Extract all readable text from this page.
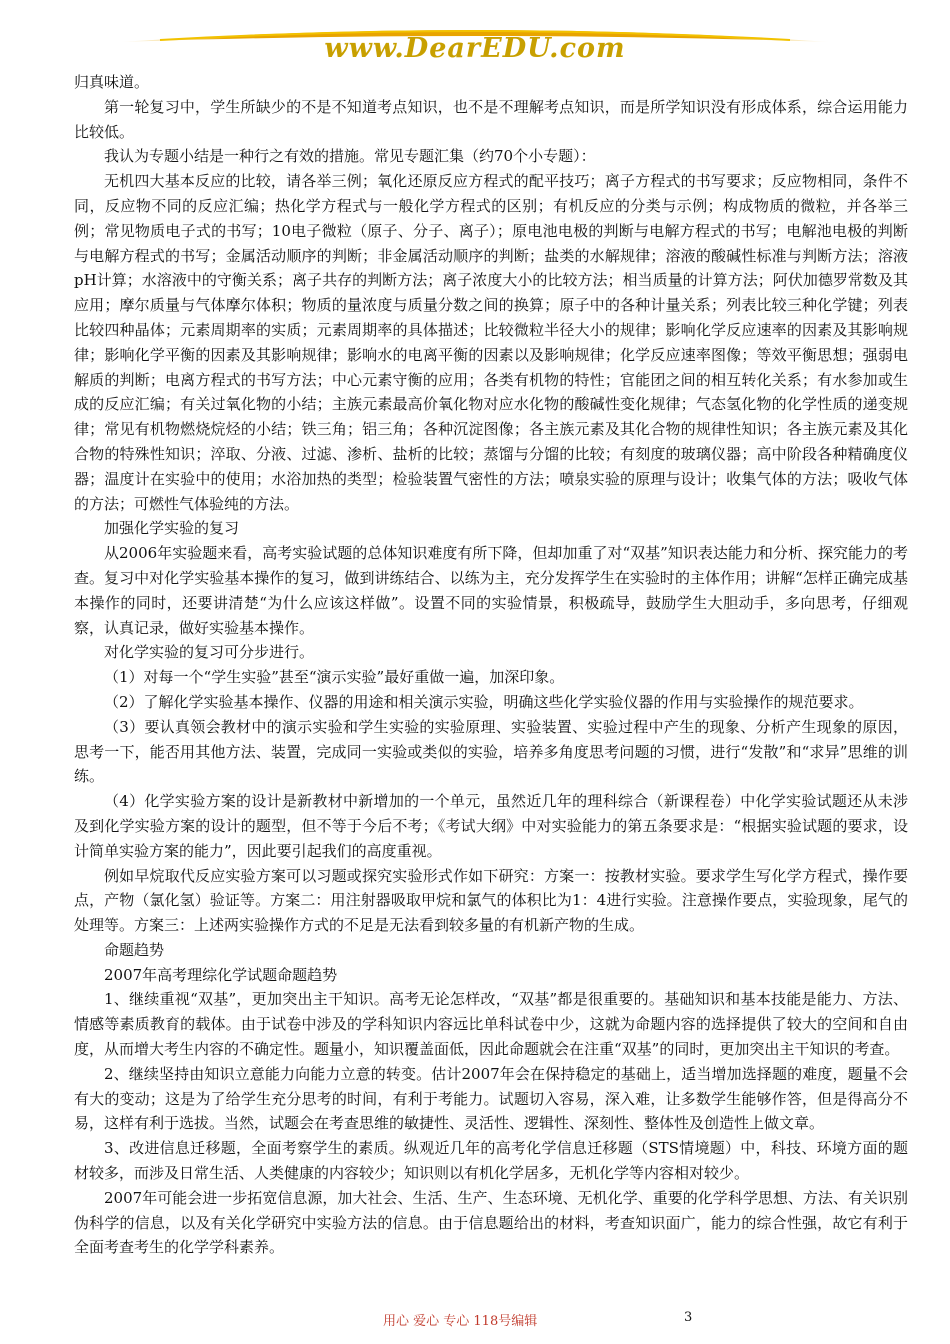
www.DearEDU.com

归真味道。

第一轮复习中，学生所缺少的不是不知道考点知识，也不是不理解考点知识，而是所学知识没有形成体系，综合运用能力比较低。

我认为专题小结是一种行之有效的措施。常见专题汇集（约70个小专题）：

无机四大基本反应的比较，请各举三例；氧化还原反应方程式的配平技巧；离子方程式的书写要求；反应物相同，条件不同，反应物不同的反应汇编；热化学方程式与一般化学方程式的区别；有机反应的分类与示例；构成物质的微粒，并各举三例；常见物质电子式的书写；10电子微粒（原子、分子、离子）；原电池电极的判断与电解方程式的书写；电解池电极的判断与电解方程式的书写；金属活动顺序的判断；非金属活动顺序的判断；盐类的水解规律；溶液的酸碱性标准与判断方法；溶液pH计算；水溶液中的守衡关系；离子共存的判断方法；离子浓度大小的比较方法；相当质量的计算方法；阿伏加德罗常数及其应用；摩尔质量与气体摩尔体积；物质的量浓度与质量分数之间的换算；原子中的各种计量关系；列表比较三种化学键；列表比较四种晶体；元素周期率的实质；元素周期率的具体描述；比较微粒半径大小的规律；影响化学反应速率的因素及其影响规律；影响化学平衡的因素及其影响规律；影响水的电离平衡的因素以及影响规律；化学反应速率图像；等效平衡思想；强弱电解质的判断；电离方程式的书写方法；中心元素守衡的应用；各类有机物的特性；官能团之间的相互转化关系；有水参加或生成的反应汇编；有关过氧化物的小结；主族元素最高价氧化物对应水化物的酸碱性变化规律；气态氢化物的化学性质的递变规律；常见有机物燃烧烷烃的小结；铁三角；铝三角；各种沉淀图像；各主族元素及其化合物的规律性知识；各主族元素及其化合物的特殊性知识；淬取、分液、过滤、渗析、盐析的比较；蒸馏与分馏的比较；有刻度的玻璃仪器；高中阶段各种精确度仪器；温度计在实验中的使用；水浴加热的类型；检验装置气密性的方法；喷泉实验的原理与设计；收集气体的方法；吸收气体的方法；可燃性气体验纯的方法。

加强化学实验的复习

从2006年实验题来看，高考实验试题的总体知识难度有所下降，但却加重了对“双基”知识表达能力和分析、探究能力的考查。复习中对化学实验基本操作的复习，做到讲练结合、以练为主，充分发挥学生在实验时的主体作用；讲解“怎样正确完成基本操作的同时，还要讲清楚“为什么应该这样做”。设置不同的实验情景，积极疏导，鼓励学生大胆动手，多向思考，仔细观察，认真记录，做好实验基本操作。

对化学实验的复习可分步进行。

（1）对每一个“学生实验”甚至“演示实验”最好重做一遍，加深印象。

（2）了解化学实验基本操作、仪器的用途和相关演示实验，明确这些化学实验仪器的作用与实验操作的规范要求。

（3）要认真领会教材中的演示实验和学生实验的实验原理、实验装置、实验过程中产生的现象、分析产生现象的原因，思考一下，能否用其他方法、装置，完成同一实验或类似的实验，培养多角度思考问题的习惯，进行“发散”和“求异”思维的训练。

（4）化学实验方案的设计是新教材中新增加的一个单元，虽然近几年的理科综合（新课程卷）中化学实验试题还从未涉及到化学实验方案的设计的题型，但不等于今后不考；《考试大纲》中对实验能力的第五条要求是：“根据实验试题的要求，设计简单实验方案的能力”，因此要引起我们的高度重视。

例如早烷取代反应实验方案可以习题或探究实验形式作如下研究：方案一：按教材实验。要求学生写化学方程式，操作要点，产物（氯化氢）验证等。方案二：用注射器吸取甲烷和氯气的体积比为1：4进行实验。注意操作要点，实验现象，尾气的处理等。方案三：上述两实验操作方式的不足是无法看到较多量的有机新产物的生成。

命题趋势

2007年高考理综化学试题命题趋势

1、继续重视“双基”，更加突出主干知识。高考无论怎样改，“双基”都是很重要的。基础知识和基本技能是能力、方法、情感等素质教育的载体。由于试卷中涉及的学科知识内容远比单科试卷中少，这就为命题内容的选择提供了较大的空间和自由度，从而增大考生内容的不确定性。题量小，知识覆盖面低，因此命题就会在注重“双基”的同时，更加突出主干知识的考查。

2、继续坚持由知识立意能力向能力立意的转变。估计2007年会在保持稳定的基础上，适当增加选择题的难度，题量不会有大的变动；这是为了给学生充分思考的时间，有利于考能力。试题切入容易，深入难，让多数学生能够作答，但是得高分不易，这样有利于选拔。当然，试题会在考查思维的敏捷性、灵活性、逻辑性、深刻性、整体性及创造性上做文章。

3、改进信息迁移题，全面考察学生的素质。纵观近几年的高考化学信息迁移题（STS情境题）中，科技、环境方面的题材较多，而涉及日常生活、人类健康的内容较少；知识则以有机化学居多，无机化学等内容相对较少。

2007年可能会进一步拓宽信息源，加大社会、生活、生产、生态环境、无机化学、重要的化学科学思想、方法、有关识别伪科学的信息，以及有关化学研究中实验方法的信息。由于信息题给出的材料，考查知识面广，能力的综合性强，故它有利于全面考查考生的化学学科素养。

用心 爱心 专心 118号编辑	3
